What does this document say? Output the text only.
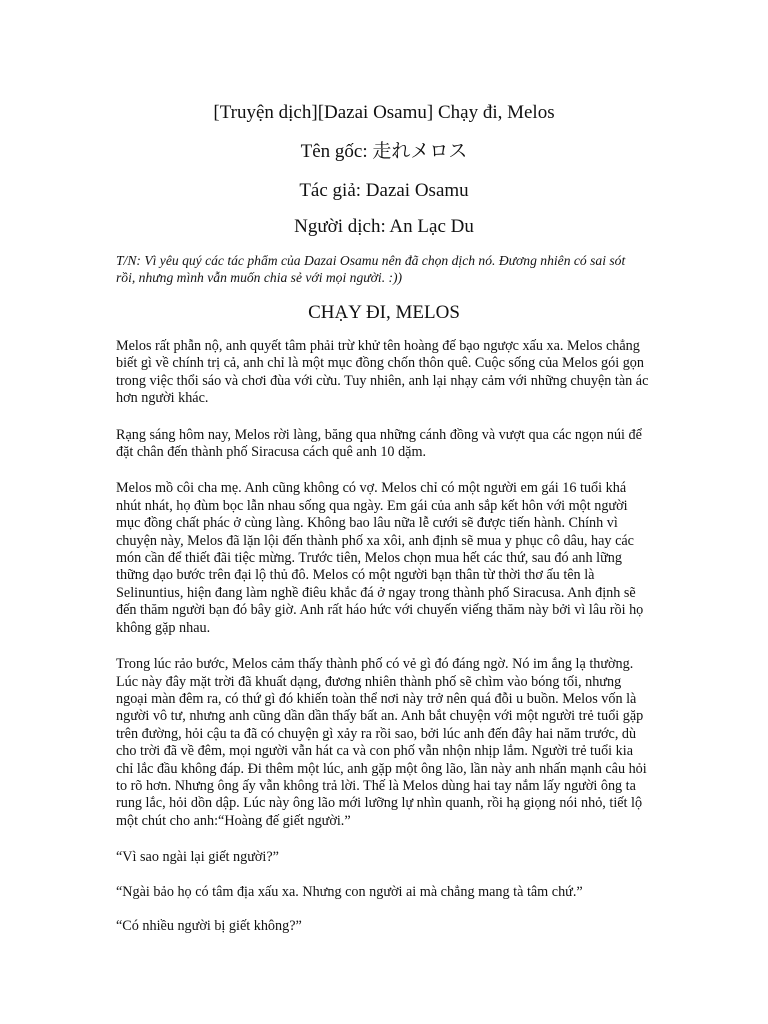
[Truyện dịch][Dazai Osamu] Chạy đi, Melos
Tên gốc: 走れメロス
Tác giả: Dazai Osamu
Người dịch: An Lạc Du

T/N: Vì yêu quý các tác phẩm của Dazai Osamu nên đã chọn dịch nó. Đương nhiên có sai sót rồi, nhưng mình vẫn muốn chia sẻ với mọi người. :))

CHẠY ĐI, MELOS

Melos rất phẫn nộ, anh quyết tâm phải trừ khử tên hoàng đế bạo ngược xấu xa. Melos chẳng biết gì về chính trị cả, anh chỉ là một mục đồng chốn thôn quê. Cuộc sống của Melos gói gọn trong việc thổi sáo và chơi đùa với cừu. Tuy nhiên, anh lại nhạy cảm với những chuyện tàn ác hơn người khác.

Rạng sáng hôm nay, Melos rời làng, băng qua những cánh đồng và vượt qua các ngọn núi để đặt chân đến thành phố Siracusa cách quê anh 10 dặm.

Melos mồ côi cha mẹ. Anh cũng không có vợ. Melos chỉ có một người em gái 16 tuổi khá nhút nhát, họ đùm bọc lẫn nhau sống qua ngày. Em gái của anh sắp kết hôn với một người mục đồng chất phác ở cùng làng. Không bao lâu nữa lễ cưới sẽ được tiến hành. Chính vì chuyện này, Melos đã lặn lội đến thành phố xa xôi, anh định sẽ mua y phục cô dâu, hay các món cần để thiết đãi tiệc mừng. Trước tiên, Melos chọn mua hết các thứ, sau đó anh lững thững dạo bước trên đại lộ thủ đô. Melos có một người bạn thân từ thời thơ ấu tên là Selinuntius, hiện đang làm nghề điêu khắc đá ở ngay trong thành phố Siracusa. Anh định sẽ đến thăm người bạn đó bây giờ. Anh rất háo hức với chuyến viếng thăm này bởi vì lâu rồi họ không gặp nhau.

Trong lúc rảo bước, Melos cảm thấy thành phố có vẻ gì đó đáng ngờ. Nó im ắng lạ thường. Lúc này đây mặt trời đã khuất dạng, đương nhiên thành phố sẽ chìm vào bóng tối, nhưng ngoại màn đêm ra, có thứ gì đó khiến toàn thể nơi này trở nên quá đỗi u buồn. Melos vốn là người vô tư, nhưng anh cũng dần dần thấy bất an. Anh bắt chuyện với một người trẻ tuổi gặp trên đường, hỏi cậu ta đã có chuyện gì xảy ra rồi sao, bởi lúc anh đến đây hai năm trước, dù cho trời đã về đêm, mọi người vẫn hát ca và con phố vẫn nhộn nhịp lắm. Người trẻ tuổi kia chỉ lắc đầu không đáp. Đi thêm một lúc, anh gặp một ông lão, lần này anh nhấn mạnh câu hỏi to rõ hơn. Nhưng ông ấy vẫn không trả lời. Thế là Melos dùng hai tay nắm lấy người ông ta rung lắc, hỏi dồn dập. Lúc này ông lão mới lưỡng lự nhìn quanh, rồi hạ giọng nói nhỏ, tiết lộ một chút cho anh:“Hoàng đế giết người.”

“Vì sao ngài lại giết người?”

“Ngài bảo họ có tâm địa xấu xa. Nhưng con người ai mà chẳng mang tà tâm chứ.”

“Có nhiều người bị giết không?”
